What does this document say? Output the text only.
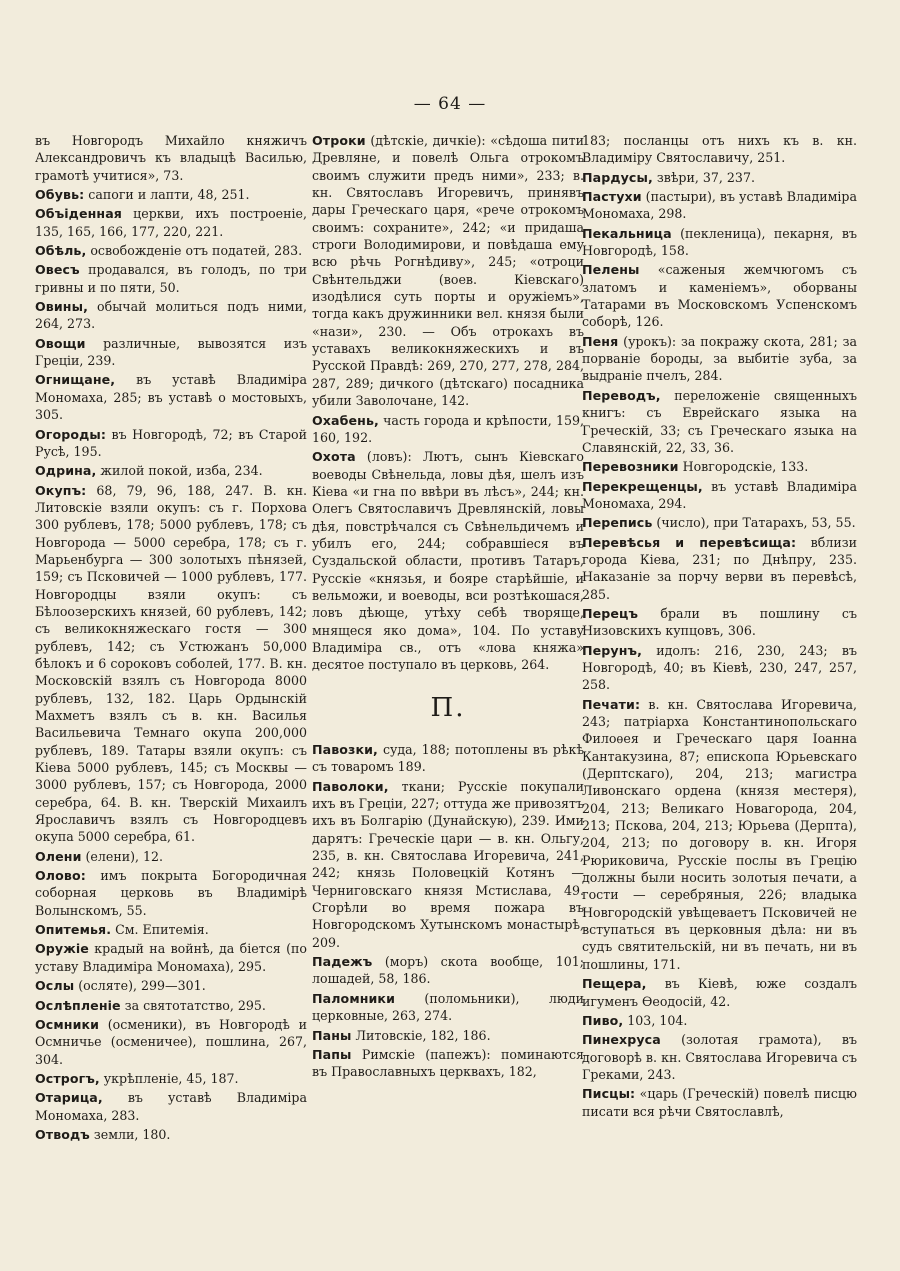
— 64 —

въ Новгородъ Михайло княжичъ Александровичъ къ владыцѣ Василью, грамотѣ учитися», 73.

Обувь: сапоги и лапти, 48, 251.

Объіденная церкви, ихъ построеніе, 135, 165, 166, 177, 220, 221.

Обѣль, освобожденіе отъ податей, 283.

Овесъ продавался, въ голодъ, по три гривны и по пяти, 50.

Овины, обычай молиться подъ ними, 264, 273.

Овощи различные, вывозятся изъ Греціи, 239.

Огнищане, въ уставѣ Владиміра Мономаха, 285; въ уставѣ о мостовыхъ, 305.

Огороды: въ Новгородѣ, 72; въ Старой Русѣ, 195.

Одрина, жилой покой, изба, 234.

Окупъ: 68, 79, 96, 188, 247. В. кн. Литовскіе взяли окупъ: съ г. Порхова 300 рублевъ, 178; 5000 рублевъ, 178; съ Новгорода — 5000 серебра, 178; съ г. Марьенбурга — 300 золотыхъ пѣнязей, 159; съ Псковичей — 1000 рублевъ, 177. Новгородцы взяли окупъ: съ Бѣлоозерскихъ князей, 60 рублевъ, 142; съ великокняжескаго гостя — 300 рублевъ, 142; съ Устюжанъ 50,000 бѣлокъ и 6 сороковъ соболей, 177. В. кн. Московскій взялъ съ Новгорода 8000 рублевъ, 132, 182. Царь Ордынскій Махметъ взялъ съ в. кн. Василья Васильевича Темнаго окупа 200,000 рублевъ, 189. Татары взяли окупъ: съ Кіева 5000 рублевъ, 145; съ Москвы — 3000 рублевъ, 157; съ Новгорода, 2000 серебра, 64. В. кн. Тверскій Михаилъ Ярославичъ взялъ съ Новгородцевъ окупа 5000 серебра, 61.

Олени (елени), 12.

Олово: имъ покрыта Богородичная соборная церковь въ Владимірѣ Волынскомъ, 55.

Опитемья. См. Епитемія.

Оружіе крадый на войнѣ, да біется (по уставу Владиміра Мономаха), 295.

Ослы (осляте), 299—301.

Ослѣпленіе за святотатство, 295.

Осмники (осменики), въ Новгородѣ и Осмничье (осменичее), пошлина, 267, 304.

Острогъ, укрѣпленіе, 45, 187.

Отарица, въ уставѣ Владиміра Мономаха, 283.

Отводъ земли, 180.

Отроки (дѣтскіе, дичкіе): «сѣдоша пити Древляне, и повелѣ Ольга отрокомъ своимъ служити предъ ними», 233; в. кн. Святославъ Игоревичъ, принявъ дары Греческаго царя, «рече отрокомъ своимъ: сохраните», 242; «и придаша строги Володимирови, и повѣдаша ему всю рѣчь Рогнѣдиву», 245; «отроци Свѣнтельджи (воев. Кіевскаго) изодѣлися суть порты и оружіемъ», тогда какъ дружинники вел. князя были «нази», 230. — Объ отрокахъ въ уставахъ великокняжескихъ и въ Русской Правдѣ: 269, 270, 277, 278, 284, 287, 289; дичкого (дѣтскаго) посадника убили Заволочане, 142.

Охабень, часть города и крѣпости, 159, 160, 192.

Охота (ловъ): Лютъ, сынъ Кіевскаго воеводы Свѣнельда, ловы дѣя, шелъ изъ Кіева «и гна по ввѣри въ лѣсъ», 244; кн. Олегъ Святославичъ Древлянскій, ловы дѣя, повстрѣчался съ Свѣнельдичемъ и убилъ его, 244; собравшіеся въ Суздальской области, противъ Татаръ, Русскіе «князья, и бояре старѣйшіе, и вельможи, и воеводы, вси розтѣкошася, ловъ дѣюще, утѣху себѣ творяще, мнящеся яко дома», 104. По уставу Владиміра св., отъ «лова княжа» десятое поступало въ церковь, 264.

П.

Павозки, суда, 188; потоплены въ рѣкѣ съ товаромъ 189.

Паволоки, ткани; Русскіе покупали ихъ въ Греціи, 227; оттуда же привозятъ ихъ въ Болгарію (Дунайскую), 239. Ими дарятъ: Греческіе цари — в. кн. Ольгу, 235, в. кн. Святослава Игоревича, 241, 242; князь Половецкій Котянъ — Черниговскаго князя Мстислава, 49. Сгорѣли во время пожара въ Новгородскомъ Хутынскомъ монастырѣ, 209.

Падежъ (моръ) скота вообще, 101; лошадей, 58, 186.

Паломники (поломьники), люди церковные, 263, 274.

Паны Литовскіе, 182, 186.

Папы Римскіе (папежъ): поминаются въ Православныхъ церквахъ, 182,

183; посланцы отъ нихъ къ в. кн. Владиміру Святославичу, 251.

Пардусы, звѣри, 37, 237.

Пастухи (пастыри), въ уставѣ Владиміра Мономаха, 298.

Пекальница (пекленица), пекарня, въ Новгородѣ, 158.

Пелены «саженыя жемчюгомъ съ златомъ и каменіемъ», оборваны Татарами въ Московскомъ Успенскомъ соборѣ, 126.

Пеня (урокъ): за покражу скота, 281; за порваніе бороды, за выбитіе зуба, за выдраніе пчелъ, 284.

Переводъ, переложеніе священныхъ книгъ: съ Еврейскаго языка на Греческій, 33; съ Греческаго языка на Славянскій, 22, 33, 36.

Перевозники Новгородскіе, 133.

Перекрещенцы, въ уставѣ Владиміра Мономаха, 294.

Перепись (число), при Татарахъ, 53, 55.

Перевѣсья и перевѣсища: вблизи города Кіева, 231; по Днѣпру, 235. Наказаніе за порчу верви въ перевѣсѣ, 285.

Перецъ брали въ пошлину съ Низовскихъ купцовъ, 306.

Перунъ, идолъ: 216, 230, 243; въ Новгородѣ, 40; въ Кіевѣ, 230, 247, 257, 258.

Печати: в. кн. Святослава Игоревича, 243; патріарха Константинопольскаго Филоѳея и Греческаго царя Іоанна Кантакузина, 87; епископа Юрьевскаго (Дерптскаго), 204, 213; магистра Ливонскаго ордена (князя местеря), 204, 213; Великаго Новагорода, 204, 213; Пскова, 204, 213; Юрьева (Дерпта), 204, 213; по договору в. кн. Игоря Рюриковича, Русскіе послы въ Грецію должны были носить золотыя печати, а гости — серебряныя, 226; владыка Новгородскій увѣщеваетъ Псковичей не вступаться въ церковныя дѣла: ни въ судъ святительскій, ни въ печать, ни въ пошлины, 171.

Пещера, въ Кіевѣ, юже создалъ игуменъ Ѳеодосій, 42.

Пиво, 103, 104.

Пинехруса (золотая грамота), въ договорѣ в. кн. Святослава Игоревича съ Греками, 243.

Писцы: «царь (Греческій) повелѣ писцю писати вся рѣчи Святославлѣ,
